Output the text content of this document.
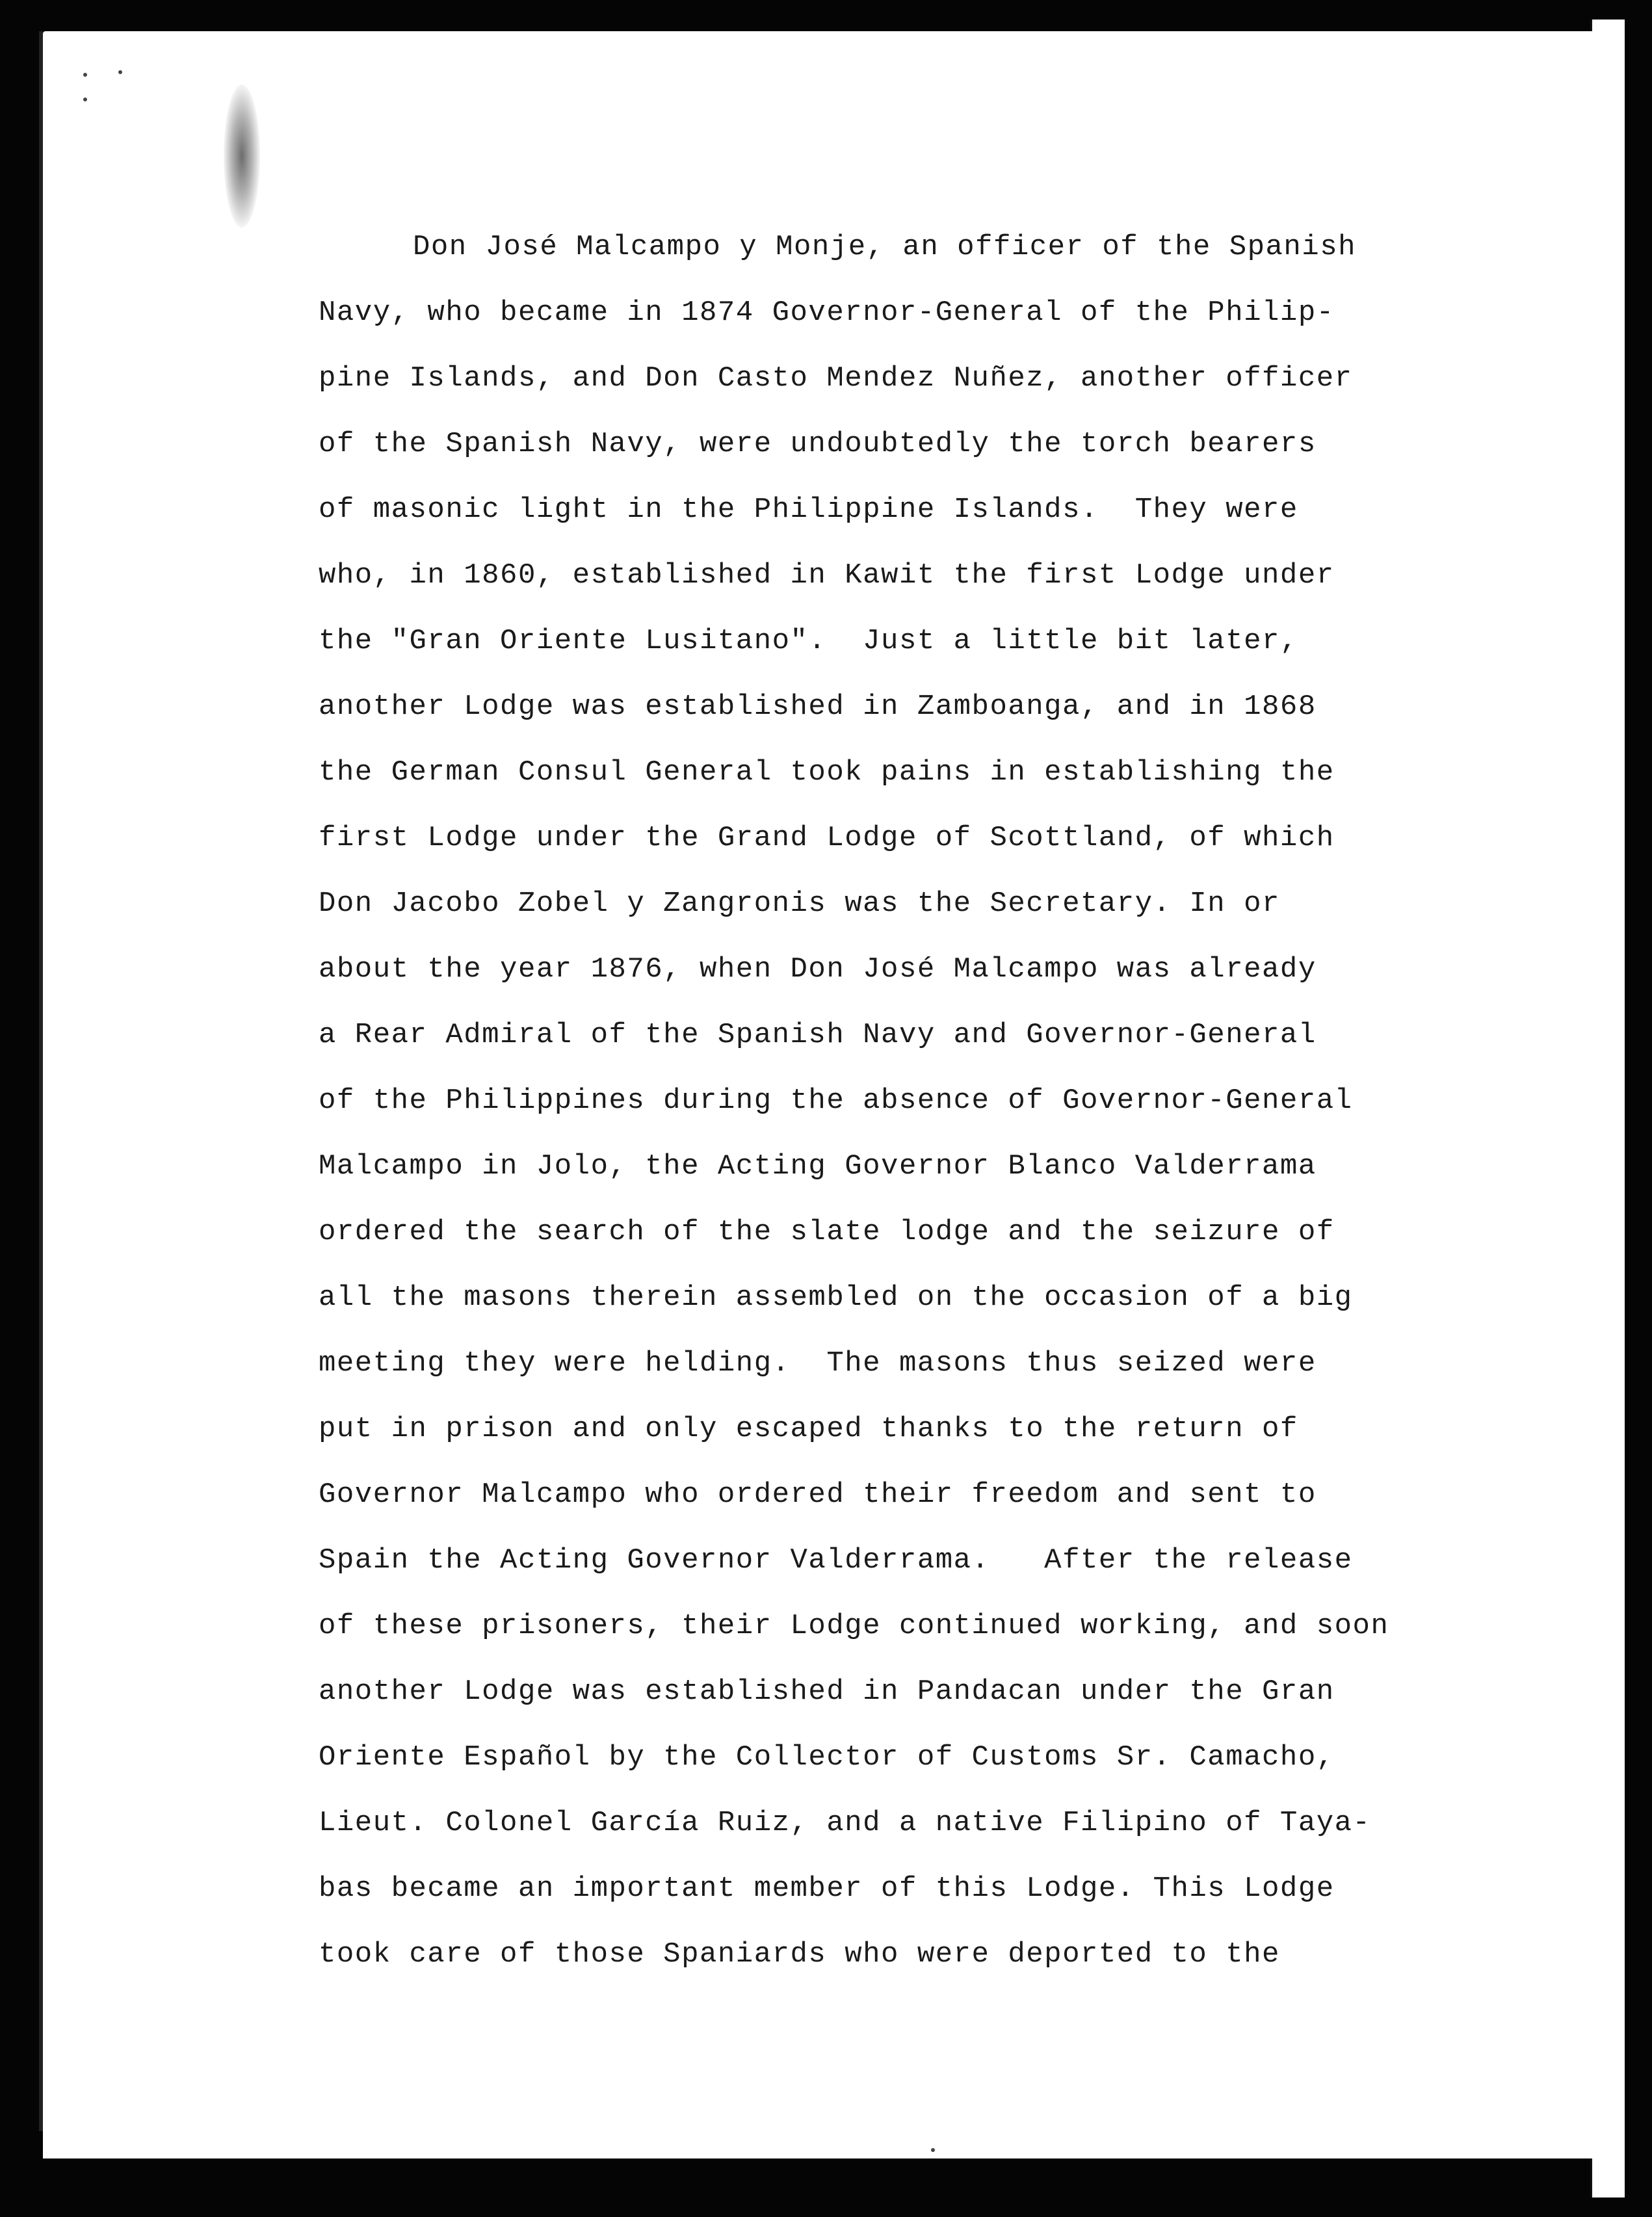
Don José Malcampo y Monje, an officer of the Spanish
Navy, who became in 1874 Governor-General of the Philip-
pine Islands, and Don Casto Mendez Nuñez, another officer
of the Spanish Navy, were undoubtedly the torch bearers
of masonic light in the Philippine Islands.  They were
who, in 1860, established in Kawit the first Lodge under
the "Gran Oriente Lusitano".  Just a little bit later,
another Lodge was established in Zamboanga, and in 1868
the German Consul General took pains in establishing the
first Lodge under the Grand Lodge of Scottland, of which
Don Jacobo Zobel y Zangronis was the Secretary. In or
about the year 1876, when Don José Malcampo was already
a Rear Admiral of the Spanish Navy and Governor-General
of the Philippines during the absence of Governor-General
Malcampo in Jolo, the Acting Governor Blanco Valderrama
ordered the search of the slate lodge and the seizure of
all the masons therein assembled on the occasion of a big
meeting they were helding.  The masons thus seized were
put in prison and only escaped thanks to the return of
Governor Malcampo who ordered their freedom and sent to
Spain the Acting Governor Valderrama.   After the release
of these prisoners, their Lodge continued working, and soon
another Lodge was established in Pandacan under the Gran
Oriente Español by the Collector of Customs Sr. Camacho,
Lieut. Colonel García Ruiz, and a native Filipino of Taya-
bas became an important member of this Lodge. This Lodge
took care of those Spaniards who were deported to the
